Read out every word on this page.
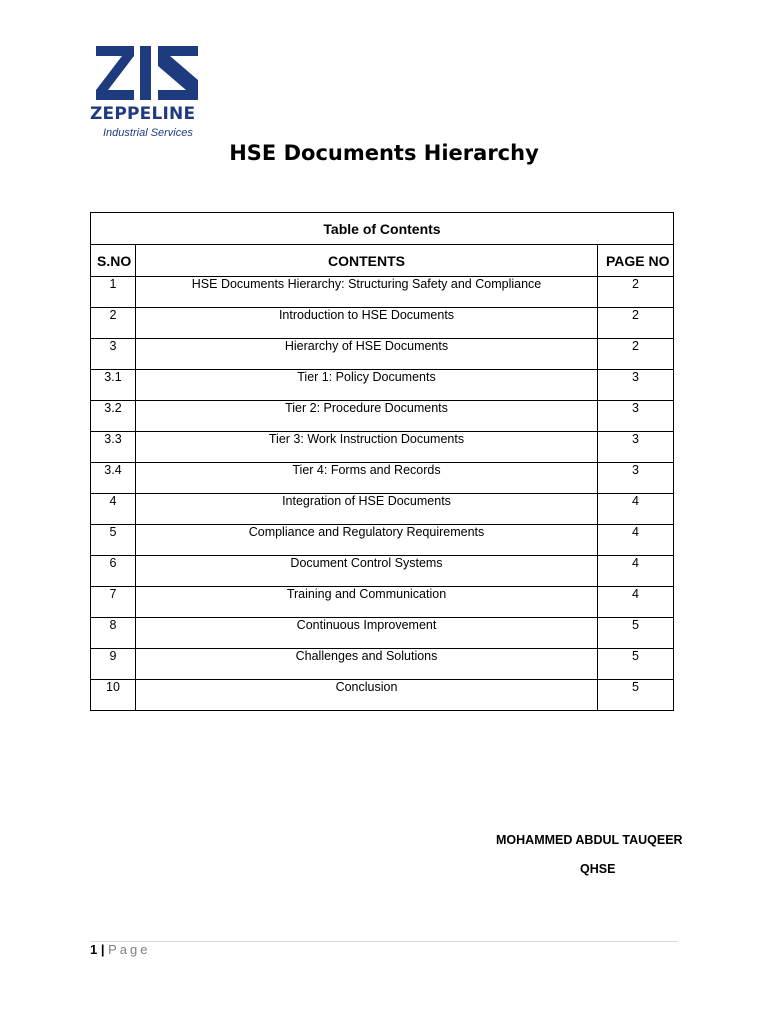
ZEPPELINE
Industrial Services
HSE Documents Hierarchy
Table of Contents		
S.NO	CONTENTS	PAGE NO
1	HSE Documents Hierarchy: Structuring Safety and Compliance	2
2	Introduction to HSE Documents	2
3	Hierarchy of HSE Documents	2
3.1	Tier 1: Policy Documents	3
3.2	Tier 2: Procedure Documents	3
3.3	Tier 3: Work Instruction Documents	3
3.4	Tier 4: Forms and Records	3
4	Integration of HSE Documents	4
5	Compliance and Regulatory Requirements	4
6	Document Control Systems	4
7	Training and Communication	4
8	Continuous Improvement	5
9	Challenges and Solutions	5
10	Conclusion	5
MOHAMMED ABDUL TAUQEER
QHSE
1 | Page
